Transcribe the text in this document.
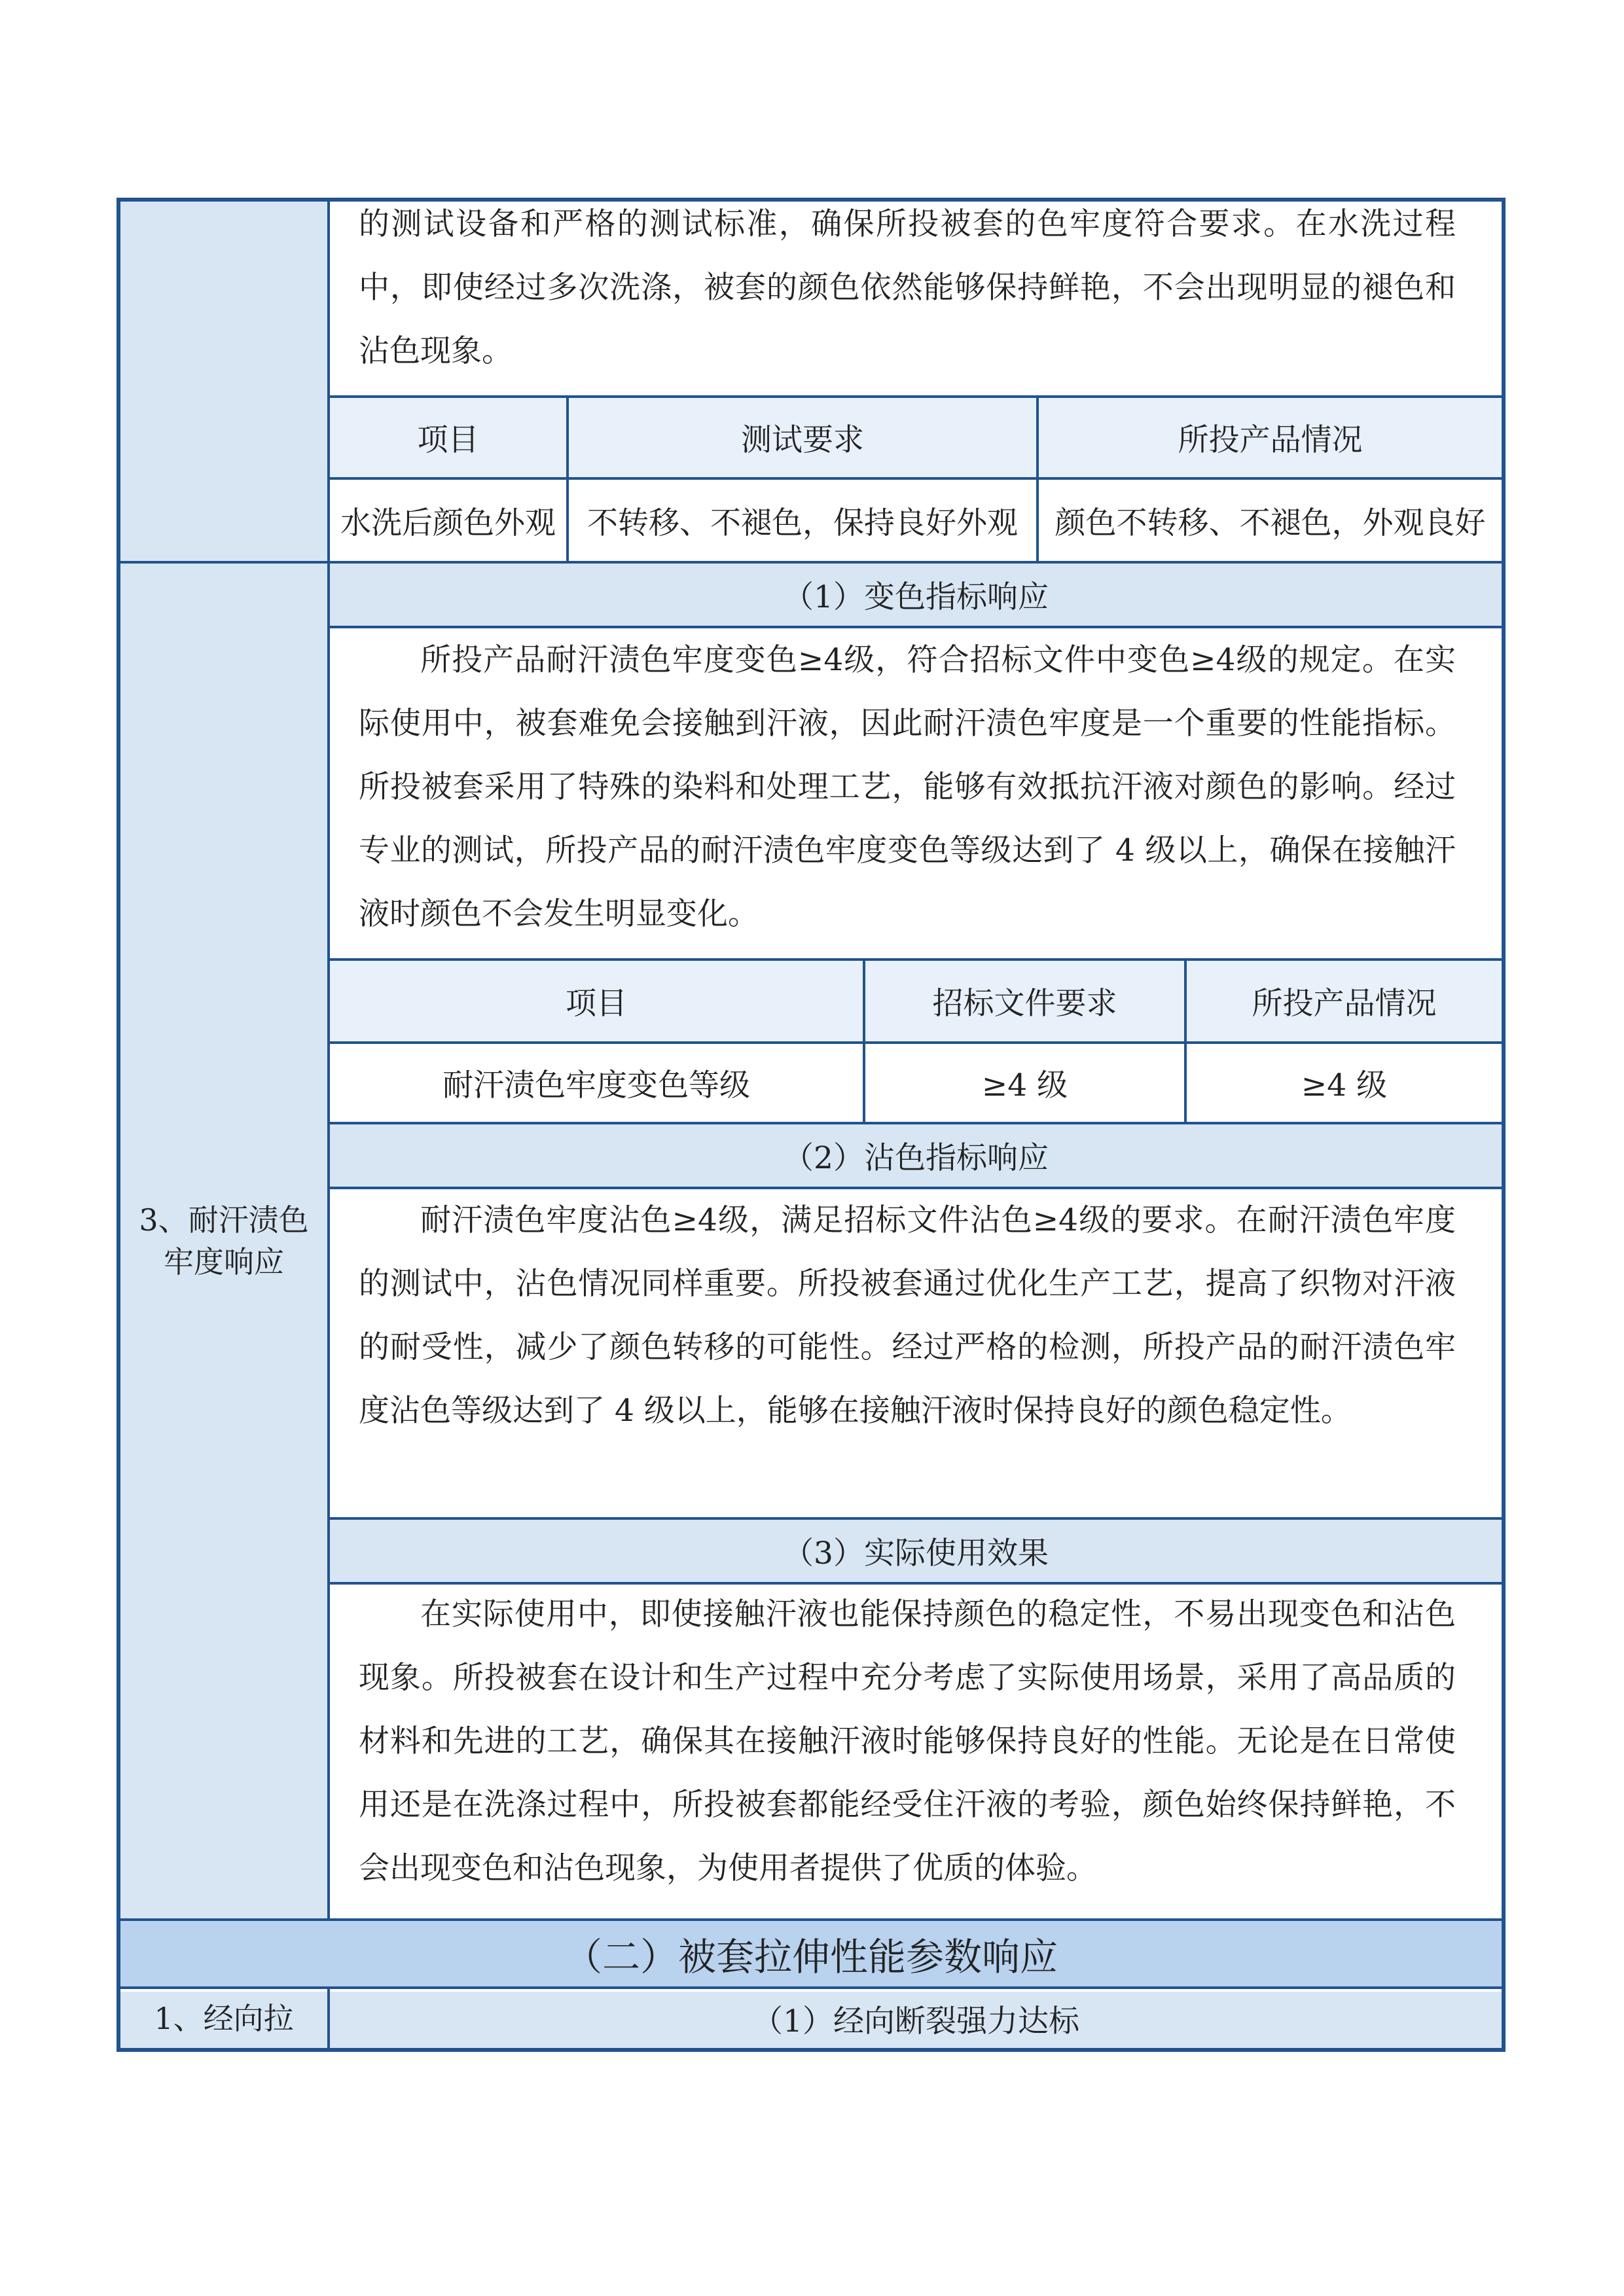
的测试设备和严格的测试标准，确保所投被套的色牢度符合要求。在水洗过程中，即使经过多次洗涤，被套的颜色依然能够保持鲜艳，不会出现明显的褪色和沾色现象。

项目	测试要求	所投产品情况
水洗后颜色外观	不转移、不褪色，保持良好外观	颜色不转移、不褪色，外观良好
3、耐汗渍色牢度响应
（1）变色指标响应

所投产品耐汗渍色牢度变色≥4级，符合招标文件中变色≥4级的规定。在实际使用中，被套难免会接触到汗液，因此耐汗渍色牢度是一个重要的性能指标。所投被套采用了特殊的染料和处理工艺，能够有效抵抗汗液对颜色的影响。经过专业的测试，所投产品的耐汗渍色牢度变色等级达到了 4 级以上，确保在接触汗液时颜色不会发生明显变化。

项目	招标文件要求	所投产品情况
耐汗渍色牢度变色等级	≥4 级	≥4 级
（2）沾色指标响应

耐汗渍色牢度沾色≥4级，满足招标文件沾色≥4级的要求。在耐汗渍色牢度的测试中，沾色情况同样重要。所投被套通过优化生产工艺，提高了织物对汗液的耐受性，减少了颜色转移的可能性。经过严格的检测，所投产品的耐汗渍色牢度沾色等级达到了 4 级以上，能够在接触汗液时保持良好的颜色稳定性。

（3）实际使用效果

在实际使用中，即使接触汗液也能保持颜色的稳定性，不易出现变色和沾色现象。所投被套在设计和生产过程中充分考虑了实际使用场景，采用了高品质的材料和先进的工艺，确保其在接触汗液时能够保持良好的性能。无论是在日常使用还是在洗涤过程中，所投被套都能经受住汗液的考验，颜色始终保持鲜艳，不会出现变色和沾色现象，为使用者提供了优质的体验。

（二）被套拉伸性能参数响应
1、经向拉	（1）经向断裂强力达标
